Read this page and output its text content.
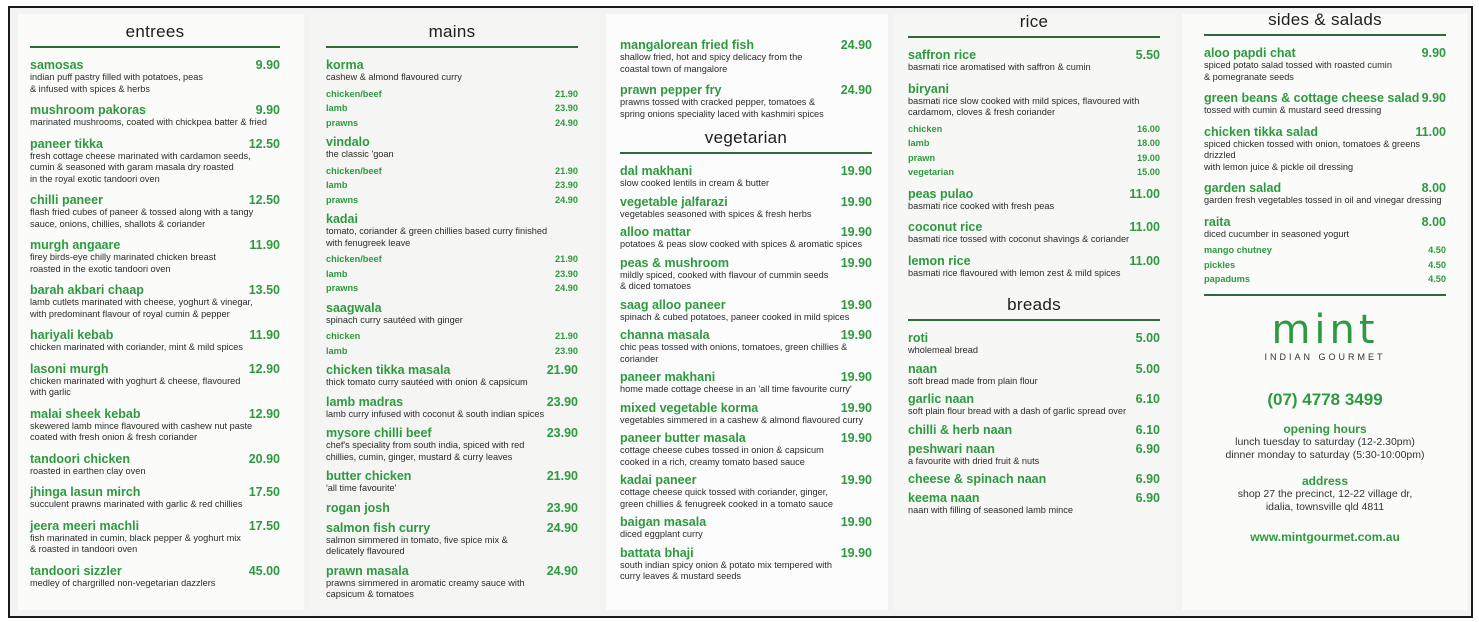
entrees
samosas	9.90
indian puff pastry filled with potatoes, peas
& infused with spices & herbs
mushroom pakoras	9.90
marinated mushrooms, coated with chickpea batter & fried
paneer tikka	12.50
fresh cottage cheese marinated with cardamon seeds,
cumin & seasoned with garam masala dry roasted
in the royal exotic tandoori oven
chilli paneer	12.50
flash fried cubes of paneer & tossed along with a tangy
sauce, onions, chillies, shallots & coriander
murgh angaare	11.90
firey birds-eye chilly marinated chicken breast
roasted in the exotic tandoori oven
barah akbari chaap	13.50
lamb cutlets marinated with cheese, yoghurt & vinegar,
with predominant flavour of royal cumin & pepper
hariyali kebab	11.90
chicken marinated with coriander, mint & mild spices
lasoni murgh	12.90
chicken marinated with yoghurt & cheese, flavoured
with garlic
malai sheek kebab	12.90
skewered lamb mince flavoured with cashew nut paste
coated with fresh onion & fresh coriander
tandoori chicken	20.90
roasted in earthen clay oven
jhinga lasun mirch	17.50
succulent prawns marinated with garlic & red chillies
jeera meeri machli	17.50
fish marinated in cumin, black pepper & yoghurt mix
& roasted in tandoori oven
tandoori sizzler	45.00
medley of chargrilled non-vegetarian dazzlers
mains
korma
cashew & almond flavoured curry
chicken/beef	21.90
lamb	23.90
prawns	24.90
vindalo
the classic 'goan
chicken/beef	21.90
lamb	23.90
prawns	24.90
kadai
tomato, coriander & green chillies based curry finished
with fenugreek leave
chicken/beef	21.90
lamb	23.90
prawns	24.90
saagwala
spinach curry sautéed with ginger
chicken	21.90
lamb	23.90
chicken tikka masala	21.90
thick tomato curry sautéed with onion & capsicum
lamb madras	23.90
lamb curry infused with coconut & south indian spices
mysore chilli beef	23.90
chef's speciality from south india, spiced with red
chillies, cumin, ginger, mustard & curry leaves
butter chicken	21.90
'all time favourite'
rogan josh	23.90
salmon fish curry	24.90
salmon simmered in tomato, five spice mix &
delicately flavoured
prawn masala	24.90
prawns simmered in aromatic creamy sauce with
capsicum & tomatoes
mangalorean fried fish	24.90
shallow fried, hot and spicy delicacy from the
coastal town of mangalore
prawn pepper fry	24.90
prawns tossed with cracked pepper, tomatoes &
spring onions speciality laced with kashmiri spices
vegetarian
dal makhani	19.90
slow cooked lentils in cream & butter
vegetable jalfarazi	19.90
vegetables seasoned with spices & fresh herbs
alloo mattar	19.90
potatoes & peas slow cooked with spices & aromatic spices
peas & mushroom	19.90
mildly spiced, cooked with flavour of cummin seeds
& diced tomatoes
saag alloo paneer	19.90
spinach & cubed potatoes, paneer cooked in mild spices
channa masala	19.90
chic peas tossed with onions, tomatoes, green chillies &
coriander
paneer makhani	19.90
home made cottage cheese in an 'all time favourite curry'
mixed vegetable korma	19.90
vegetables simmered in a cashew & almond flavoured curry
paneer butter masala	19.90
cottage cheese cubes tossed in onion & capsicum
cooked in a rich, creamy tomato based sauce
kadai paneer	19.90
cottage cheese quick tossed with coriander, ginger,
green chillies & fenugreek cooked in a tomato sauce
baigan masala	19.90
diced eggplant curry
battata bhaji	19.90
south indian spicy onion & potato mix tempered with
curry leaves & mustard seeds
rice
saffron rice	5.50
basmati rice aromatised with saffron & cumin
biryani
basmati rice slow cooked with mild spices, flavoured with
cardamom, cloves & fresh coriander
chicken	16.00
lamb	18.00
prawn	19.00
vegetarian	15.00
peas pulao	11.00
basmati rice cooked with fresh peas
coconut rice	11.00
basmati rice tossed with coconut shavings & coriander
lemon rice	11.00
basmati rice flavoured with lemon zest & mild spices
breads
roti	5.00
wholemeal bread
naan	5.00
soft bread made from plain flour
garlic naan	6.10
soft plain flour bread with a dash of garlic spread over
chilli & herb naan	6.10
peshwari naan	6.90
a favourite with dried fruit & nuts
cheese & spinach naan	6.90
keema naan	6.90
naan with filling of seasoned lamb mince
sides & salads
aloo papdi chat	9.90
spiced potato salad tossed with roasted cumin
& pomegranate seeds
green beans & cottage cheese salad 9.90
tossed with cumin & mustard seed dressing
chicken tikka salad	11.00
spiced chicken tossed with onion, tomatoes & greens
drizzled
with lemon juice & pickle oil dressing
garden salad	8.00
garden fresh vegetables tossed in oil and vinegar dressing
raita	8.00
diced cucumber in seasoned yogurt
mango chutney	4.50
pickles	4.50
papadums	4.50
mint
INDIAN GOURMET
(07) 4778 3499
opening hours
lunch tuesday to saturday (12-2.30pm)
dinner monday to saturday (5:30-10:00pm)
address
shop 27 the precinct, 12-22 village dr,
idalia, townsville qld 4811
www.mintgourmet.com.au
